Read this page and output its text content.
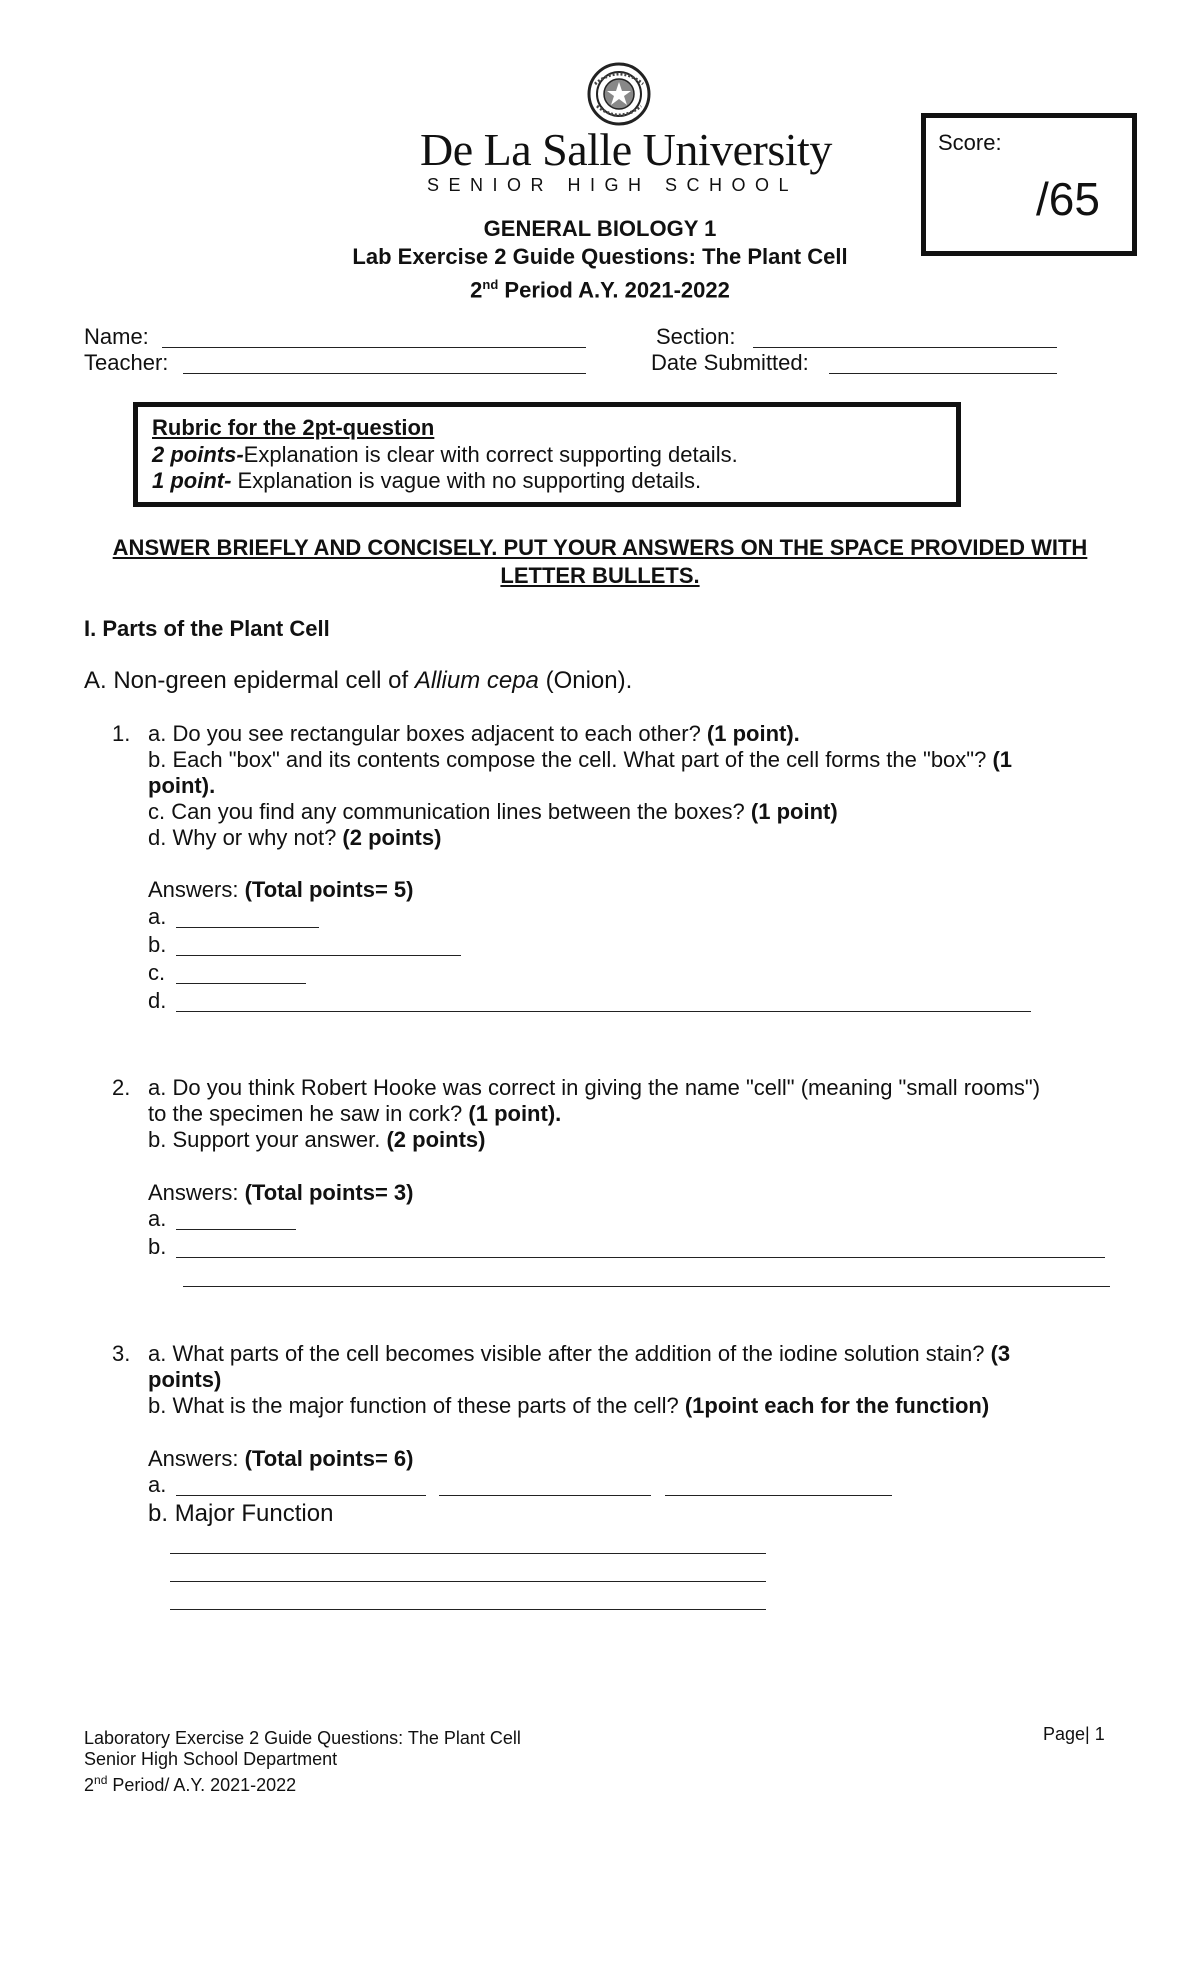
De La Salle University
SENIOR HIGH SCHOOL
GENERAL BIOLOGY 1
Lab Exercise 2 Guide Questions: The Plant Cell
2nd Period A.Y. 2021-2022
Score:
/65
Name:
Teacher:
Section:
Date Submitted:
Rubric for the 2pt-question
2 points-Explanation is clear with correct supporting details.
1 point- Explanation is vague with no supporting details.
ANSWER BRIEFLY AND CONCISELY. PUT YOUR ANSWERS ON THE SPACE PROVIDED WITH
LETTER BULLETS.
I. Parts of the Plant Cell
A. Non-green epidermal cell of Allium cepa (Onion).
1. a. Do you see rectangular boxes adjacent to each other? (1 point).
b. Each "box" and its contents compose the cell. What part of the cell forms the "box"? (1
point).
c. Can you find any communication lines between the boxes? (1 point)
d. Why or why not? (2 points)
Answers: (Total points= 5)
a.
b.
c.
d.
2. a. Do you think Robert Hooke was correct in giving the name "cell" (meaning "small rooms")
to the specimen he saw in cork? (1 point).
b. Support your answer. (2 points)
Answers: (Total points= 3)
a.
b.
3. a. What parts of the cell becomes visible after the addition of the iodine solution stain? (3
points)
b. What is the major function of these parts of the cell? (1point each for the function)
Answers: (Total points= 6)
a.
b. Major Function
Laboratory Exercise 2 Guide Questions: The Plant Cell
Senior High School Department
2nd Period/ A.Y. 2021-2022
Page| 1
